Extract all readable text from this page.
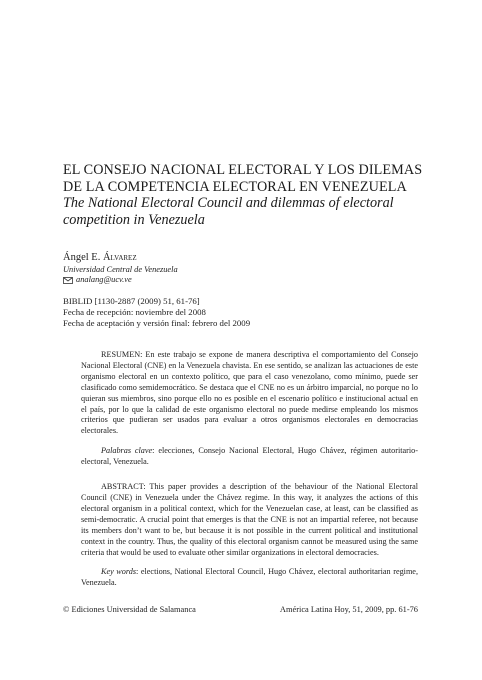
EL CONSEJO NACIONAL ELECTORAL Y LOS DILEMAS
DE LA COMPETENCIA ELECTORAL EN VENEZUELA
The National Electoral Council and dilemmas of electoral
competition in Venezuela
Ángel E. Álvarez
Universidad Central de Venezuela
analang@ucv.ve
BIBLID [1130-2887 (2009) 51, 61-76]
Fecha de recepción: noviembre del 2008
Fecha de aceptación y versión final: febrero del 2009

RESUMEN: En este trabajo se expone de manera descriptiva el comportamiento del Consejo Nacional Electoral (CNE) en la Venezuela chavista. En ese sentido, se analizan las actuaciones de este organismo electoral en un contexto político, que para el caso venezolano, como mínimo, puede ser clasificado como semidemocrático. Se destaca que el CNE no es un árbitro imparcial, no porque no lo quieran sus miembros, sino porque ello no es posible en el escenario político e institucional actual en el país, por lo que la calidad de este organismo electoral no puede medirse empleando los mismos criterios que pudieran ser usados para evaluar a otros organismos electorales en democracias electorales.

Palabras clave: elecciones, Consejo Nacional Electoral, Hugo Chávez, régimen autoritario-electoral, Venezuela.

ABSTRACT: This paper provides a description of the behaviour of the National Electoral Council (CNE) in Venezuela under the Chávez regime. In this way, it analyzes the actions of this electoral organism in a political context, which for the Venezuelan case, at least, can be classified as semi-democratic. A crucial point that emerges is that the CNE is not an impartial referee, not because its members don’t want to be, but because it is not possible in the current political and institutional context in the country. Thus, the quality of this electoral organism cannot be measured using the same criteria that would be used to evaluate other similar organizations in electoral democracies.

Key words: elections, National Electoral Council, Hugo Chávez, electoral authoritarian regime, Venezuela.

© Ediciones Universidad de Salamanca	América Latina Hoy, 51, 2009, pp. 61-76
